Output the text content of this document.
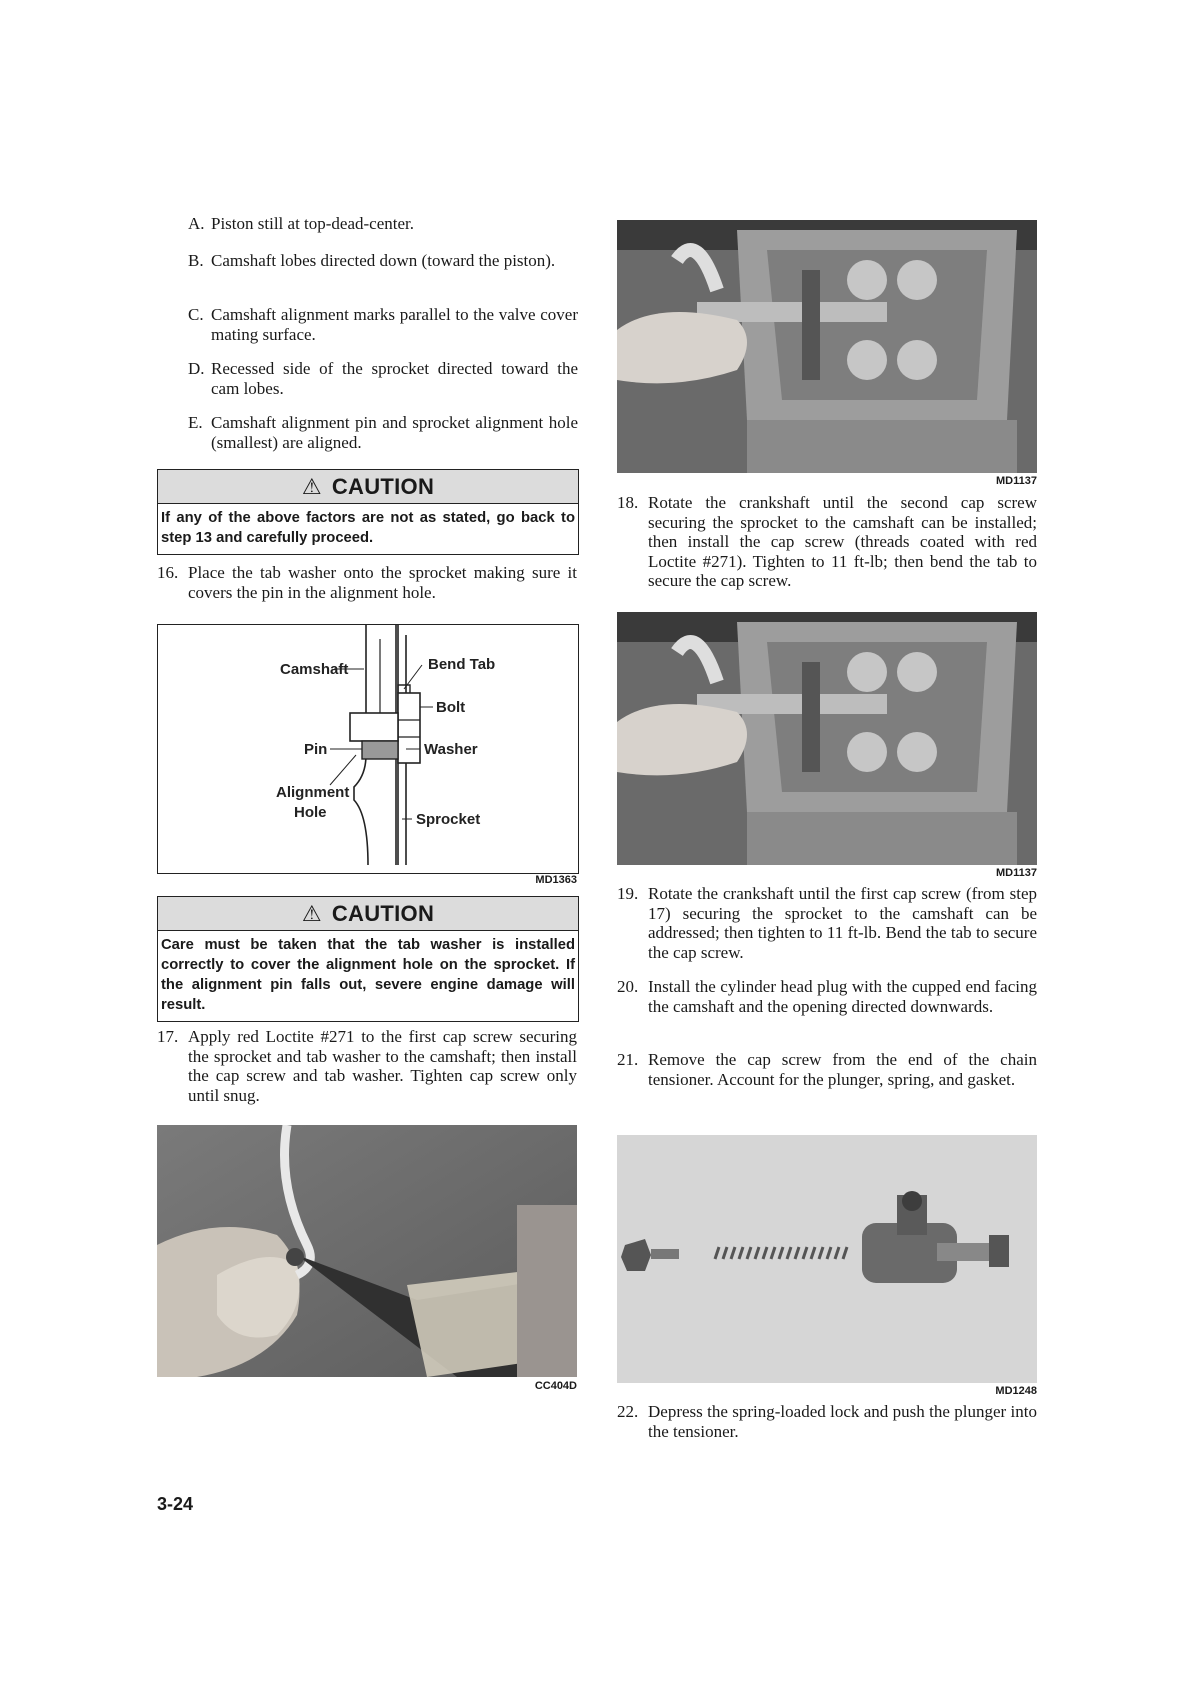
A. Piston still at top-dead-center.
B. Camshaft lobes directed down (toward the piston).
C. Camshaft alignment marks parallel to the valve cover mating surface.
D. Recessed side of the sprocket directed toward the cam lobes.
E. Camshaft alignment pin and sprocket alignment hole (smallest) are aligned.
⚠ CAUTION
If any of the above factors are not as stated, go back to step 13 and carefully proceed.
16. Place the tab washer onto the sprocket making sure it covers the pin in the alignment hole.
Camshaft	Bend Tab
Bolt
Pin	Washer
Alignment
Hole	Sprocket
MD1363
⚠ CAUTION
Care must be taken that the tab washer is installed correctly to cover the alignment hole on the sprocket. If the alignment pin falls out, severe engine damage will result.
17. Apply red Loctite #271 to the first cap screw securing the sprocket and tab washer to the camshaft; then install the cap screw and tab washer. Tighten cap screw only until snug.
CC404D
MD1137
18. Rotate the crankshaft until the second cap screw securing the sprocket to the camshaft can be installed; then install the cap screw (threads coated with red Loctite #271). Tighten to 11 ft-lb; then bend the tab to secure the cap screw.
MD1137
19. Rotate the crankshaft until the first cap screw (from step 17) securing the sprocket to the camshaft can be addressed; then tighten to 11 ft-lb. Bend the tab to secure the cap screw.
20. Install the cylinder head plug with the cupped end facing the camshaft and the opening directed downwards.
21. Remove the cap screw from the end of the chain tensioner. Account for the plunger, spring, and gasket.
MD1248
22. Depress the spring-loaded lock and push the plunger into the tensioner.
3-24
